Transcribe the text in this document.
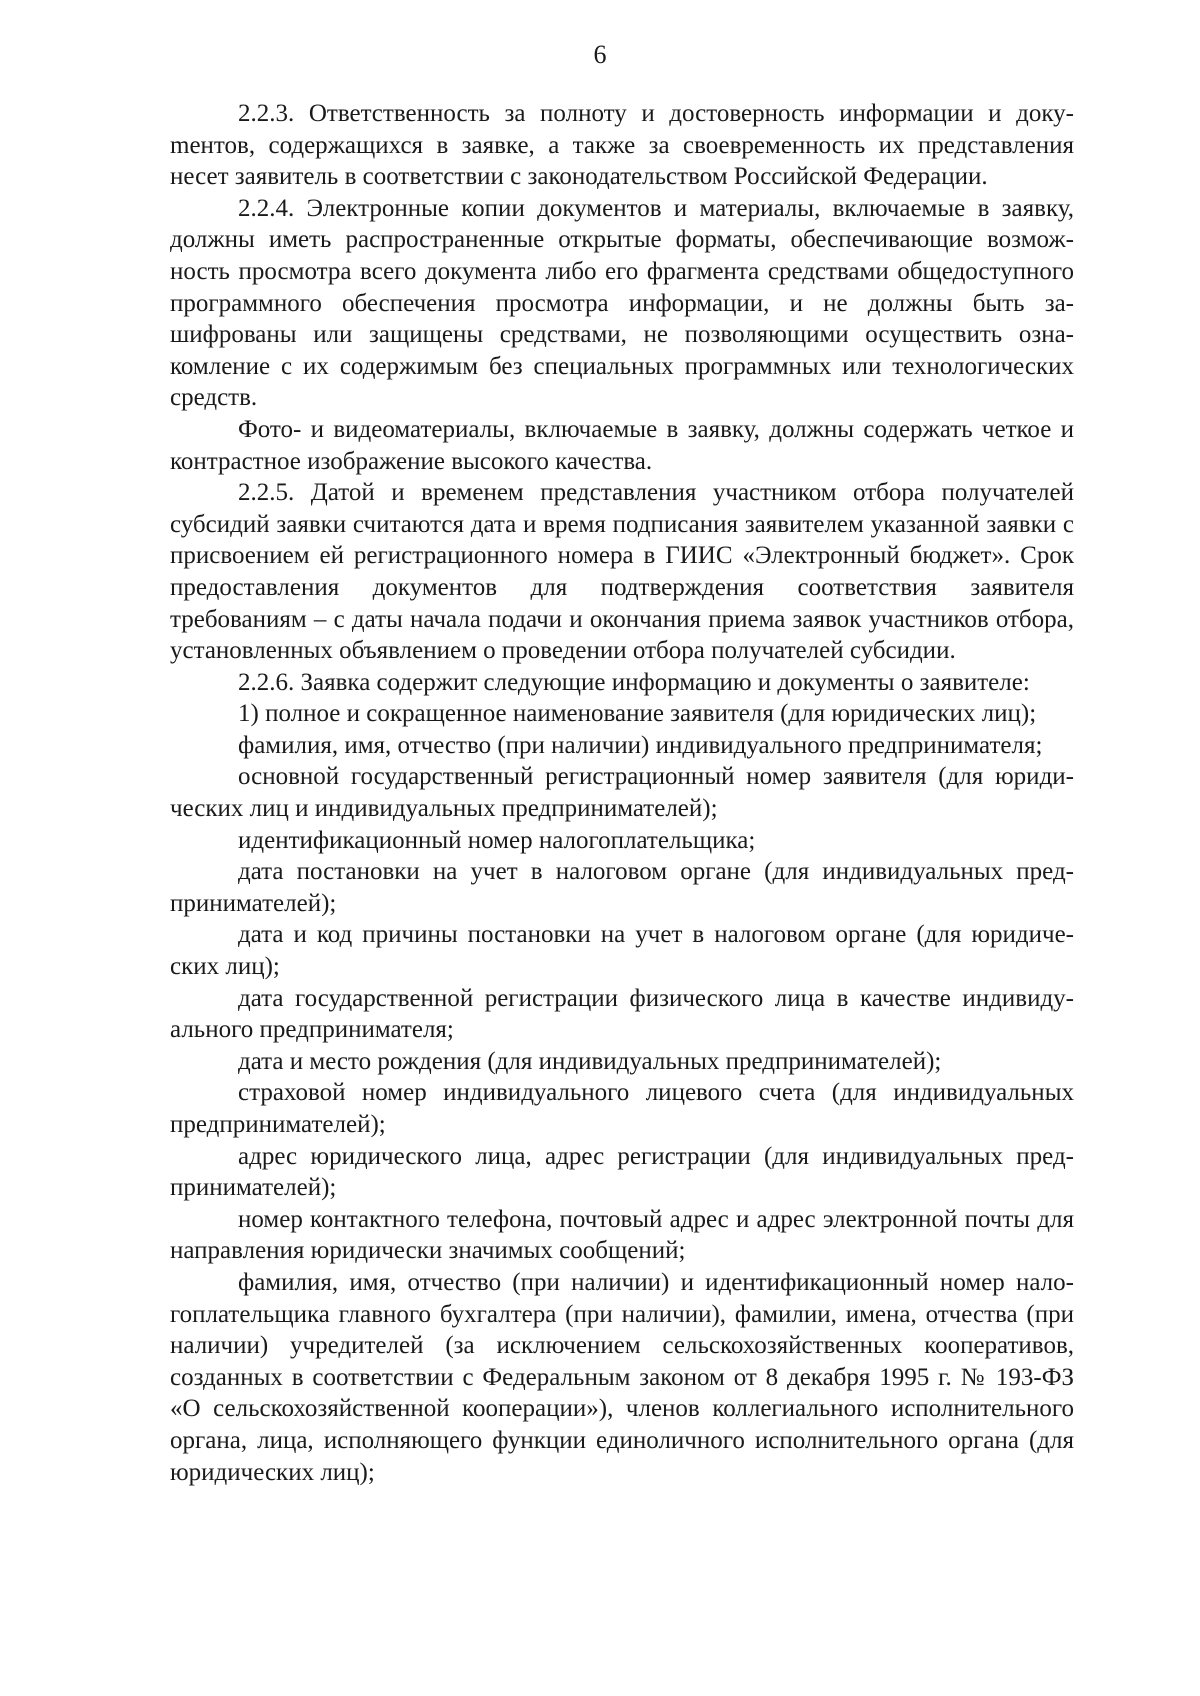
6

2.2.3. Ответственность за полноту и достоверность информации и докуmентов, содержащихся в заявке, а также за своевременность их представления несет заявитель в соответствии с законодательством Российской Федерации.

2.2.4. Электронные копии документов и материалы, включаемые в заявку, должны иметь распространенные открытые форматы, обеспечивающие возможность просмотра всего документа либо его фрагмента средствами общедоступного программного обеспечения просмотра информации, и не должны быть зашифрованы или защищены средствами, не позволяющими осуществить ознакомление с их содержимым без специальных программных или технологических средств.

Фото- и видеоматериалы, включаемые в заявку, должны содержать четкое и контрастное изображение высокого качества.

2.2.5. Датой и временем представления участником отбора получателей субсидий заявки считаются дата и время подписания заявителем указанной заявки с присвоением ей регистрационного номера в ГИИС «Электронный бюджет». Срок предоставления документов для подтверждения соответствия заявителя требованиям – с даты начала подачи и окончания приема заявок участников отбора, установленных объявлением о проведении отбора получателей субсидии.

2.2.6. Заявка содержит следующие информацию и документы о заявителе:

1) полное и сокращенное наименование заявителя (для юридических лиц);

фамилия, имя, отчество (при наличии) индивидуального предпринимателя;

основной государственный регистрационный номер заявителя (для юридических лиц и индивидуальных предпринимателей);

идентификационный номер налогоплательщика;

дата постановки на учет в налоговом органе (для индивидуальных предпринимателей);

дата и код причины постановки на учет в налоговом органе (для юридических лиц);

дата государственной регистрации физического лица в качестве индивидуального предпринимателя;

дата и место рождения (для индивидуальных предпринимателей);

страховой номер индивидуального лицевого счета (для индивидуальных предпринимателей);

адрес юридического лица, адрес регистрации (для индивидуальных предпринимателей);

номер контактного телефона, почтовый адрес и адрес электронной почты для направления юридически значимых сообщений;

фамилия, имя, отчество (при наличии) и идентификационный номер налогоплательщика главного бухгалтера (при наличии), фамилии, имена, отчества (при наличии) учредителей (за исключением сельскохозяйственных кооперативов, созданных в соответствии с Федеральным законом от 8 декабря 1995 г. № 193-ФЗ «О сельскохозяйственной кооперации»), членов коллегиального исполнительного органа, лица, исполняющего функции единоличного исполнительного органа (для юридических лиц);
